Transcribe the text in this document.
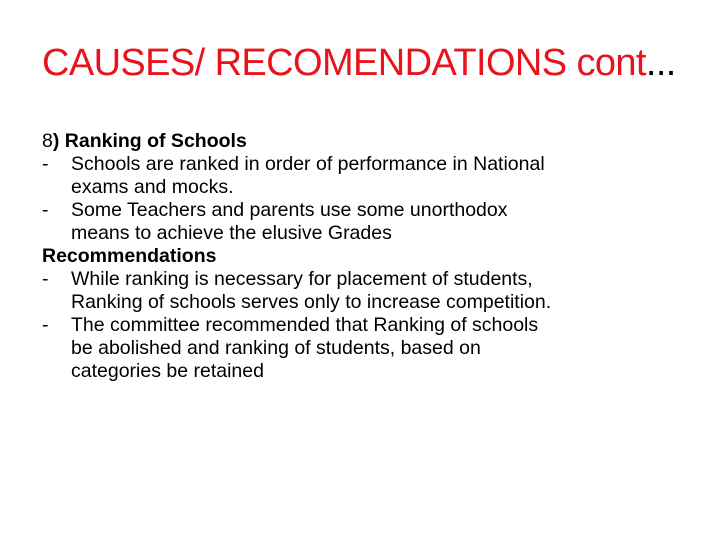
CAUSES/ RECOMENDATIONS cont...

8) Ranking of Schools

-	Schools are ranked in order of performance in National
exams and mocks.
-	Some Teachers and parents use some unorthodox
means to achieve the elusive Grades

Recommendations

-	While ranking is necessary for placement of students,
Ranking of schools serves only to increase competition.
-	The committee recommended that Ranking of schools
be abolished and ranking of students, based on
categories be retained
